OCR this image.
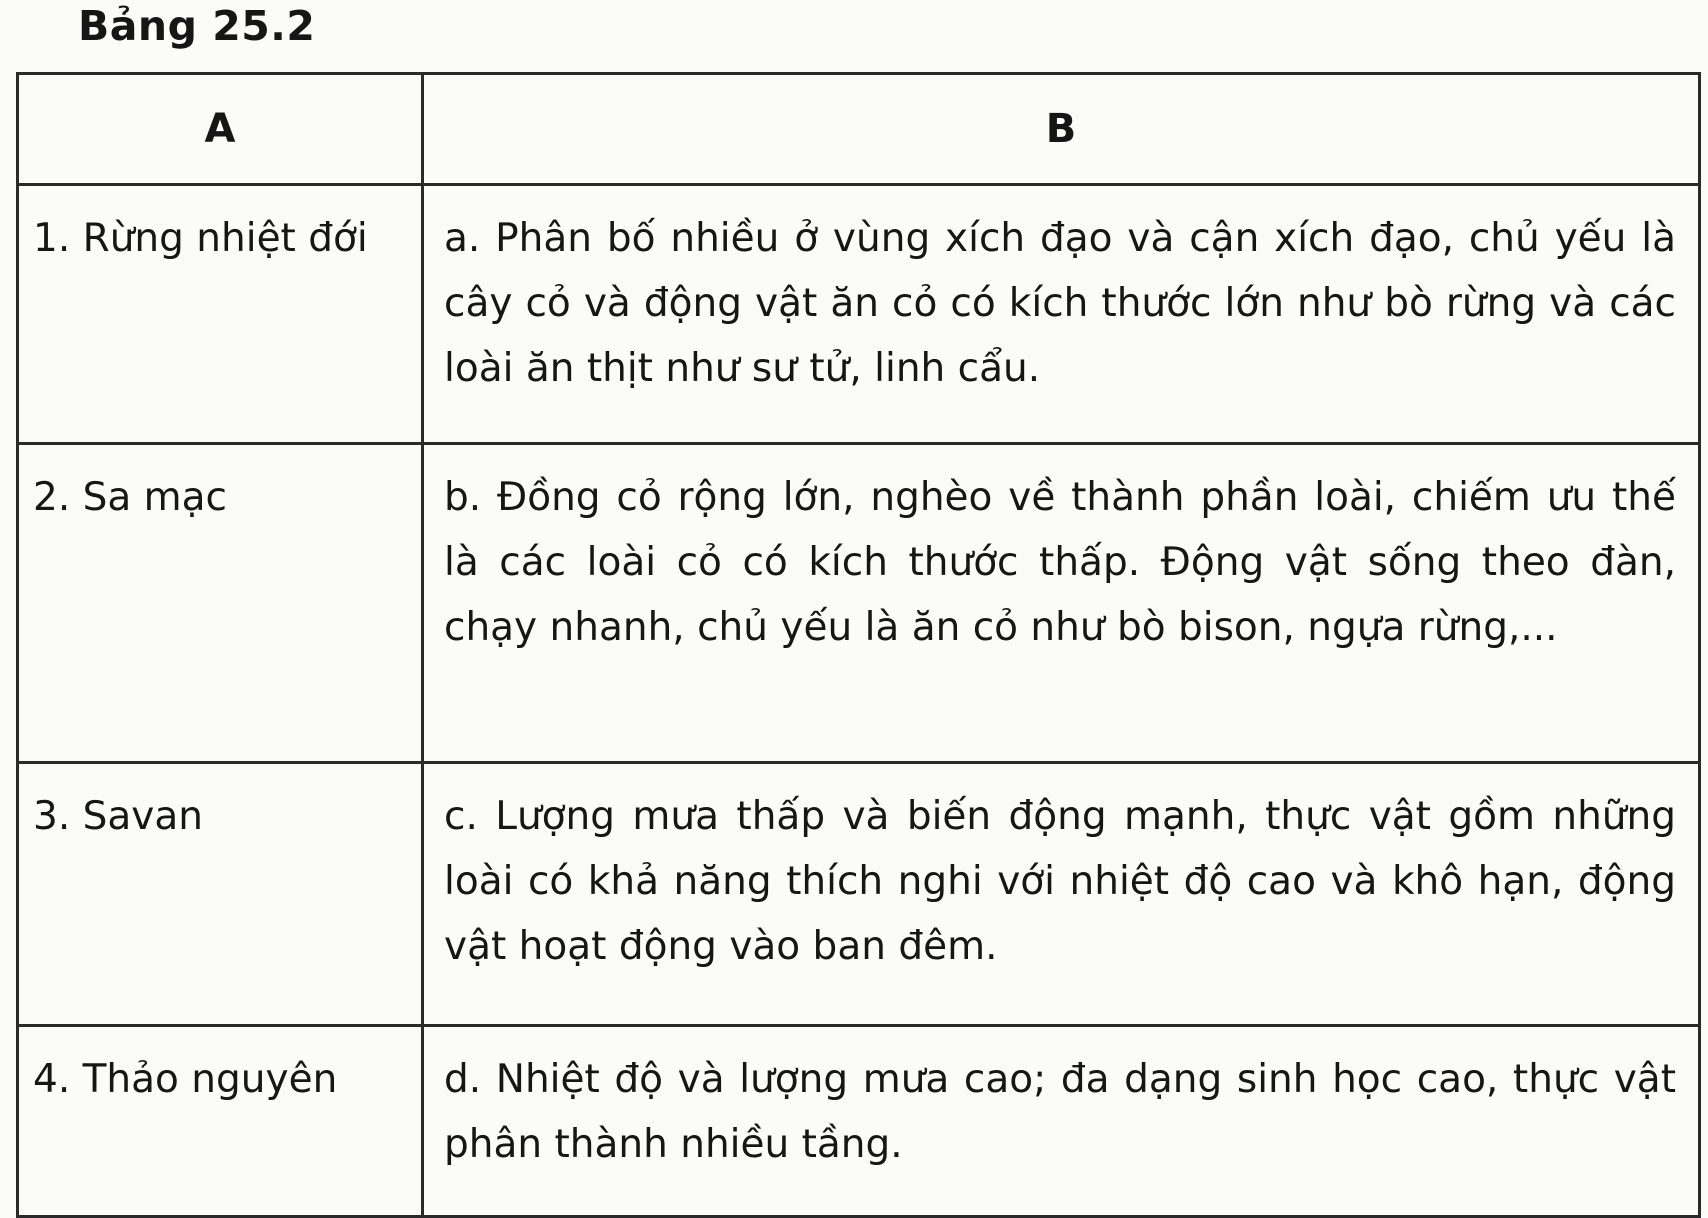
Bảng 25.2
A	B
1. Rừng nhiệt đới	a. Phân bố nhiều ở vùng xích đạo và cận xích đạo, chủ yếu là cây cỏ và động vật ăn cỏ có kích thước lớn như bò rừng và các loài ăn thịt như sư tử, linh cẩu.
2. Sa mạc	b. Đồng cỏ rộng lớn, nghèo về thành phần loài, chiếm ưu thế là các loài cỏ có kích thước thấp. Động vật sống theo đàn, chạy nhanh, chủ yếu là ăn cỏ như bò bison, ngựa rừng,...
3. Savan	c. Lượng mưa thấp và biến động mạnh, thực vật gồm những loài có khả năng thích nghi với nhiệt độ cao và khô hạn, động vật hoạt động vào ban đêm.
4. Thảo nguyên	d. Nhiệt độ và lượng mưa cao; đa dạng sinh học cao, thực vật phân thành nhiều tầng.
